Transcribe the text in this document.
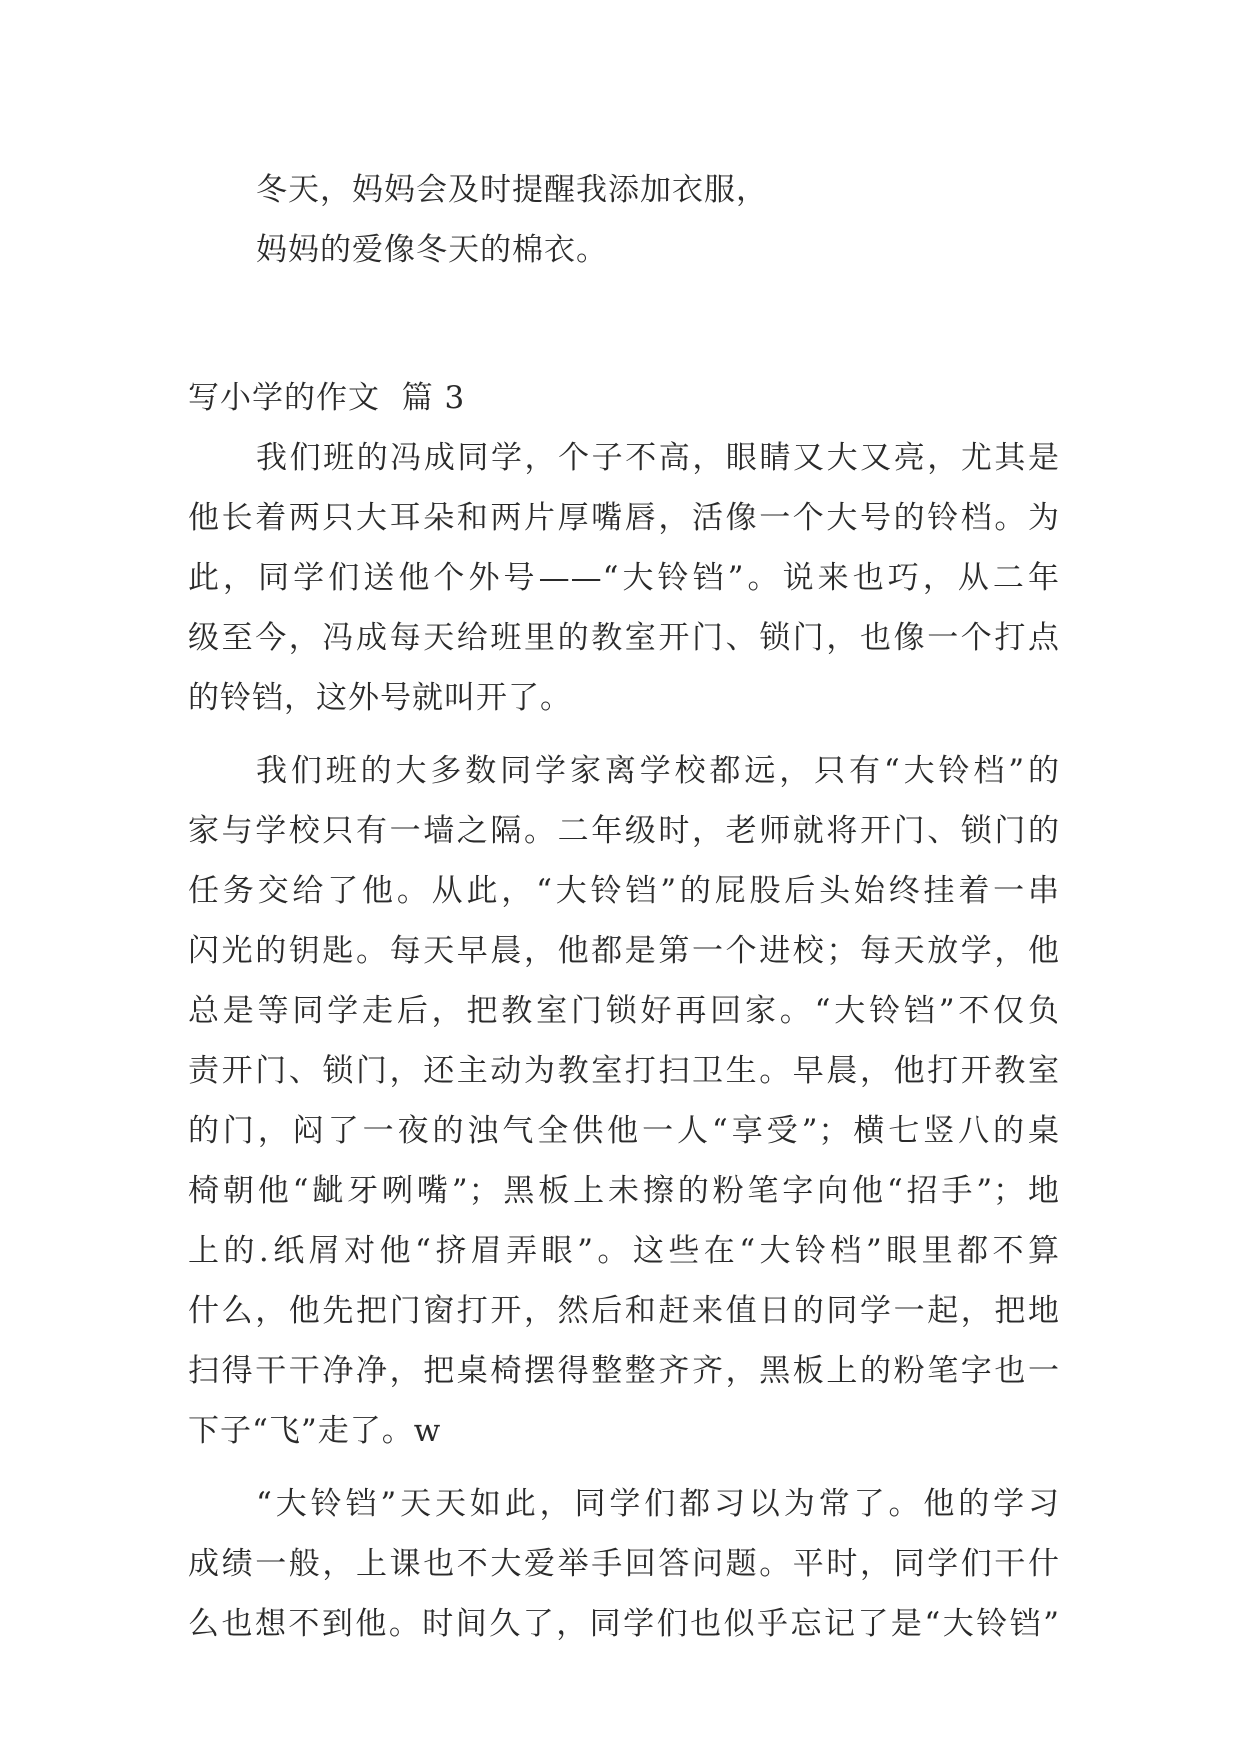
冬天，妈妈会及时提醒我添加衣服，
妈妈的爱像冬天的棉衣。
写小学的作文  篇 3
我们班的冯成同学，个子不高，眼睛又大又亮，尤其是
他长着两只大耳朵和两片厚嘴唇，活像一个大号的铃档。为
此，同学们送他个外号——“大铃铛”。说来也巧，从二年
级至今，冯成每天给班里的教室开门、锁门，也像一个打点
的铃铛，这外号就叫开了。
我们班的大多数同学家离学校都远，只有“大铃档”的
家与学校只有一墙之隔。二年级时，老师就将开门、锁门的
任务交给了他。从此，“大铃铛”的屁股后头始终挂着一串
闪光的钥匙。每天早晨，他都是第一个进校；每天放学，他
总是等同学走后，把教室门锁好再回家。“大铃铛”不仅负
责开门、锁门，还主动为教室打扫卫生。早晨，他打开教室
的门，闷了一夜的浊气全供他一人“享受”；横七竖八的桌
椅朝他“龇牙咧嘴”；黑板上未擦的粉笔字向他“招手”；地
上的.纸屑对他“挤眉弄眼”。这些在“大铃档”眼里都不算
什么，他先把门窗打开，然后和赶来值日的同学一起，把地
扫得干干净净，把桌椅摆得整整齐齐，黑板上的粉笔字也一
下子“飞”走了。w
“大铃铛”天天如此，同学们都习以为常了。他的学习
成绩一般，上课也不大爱举手回答问题。平时，同学们干什
么也想不到他。时间久了，同学们也似乎忘记了是“大铃铛”
